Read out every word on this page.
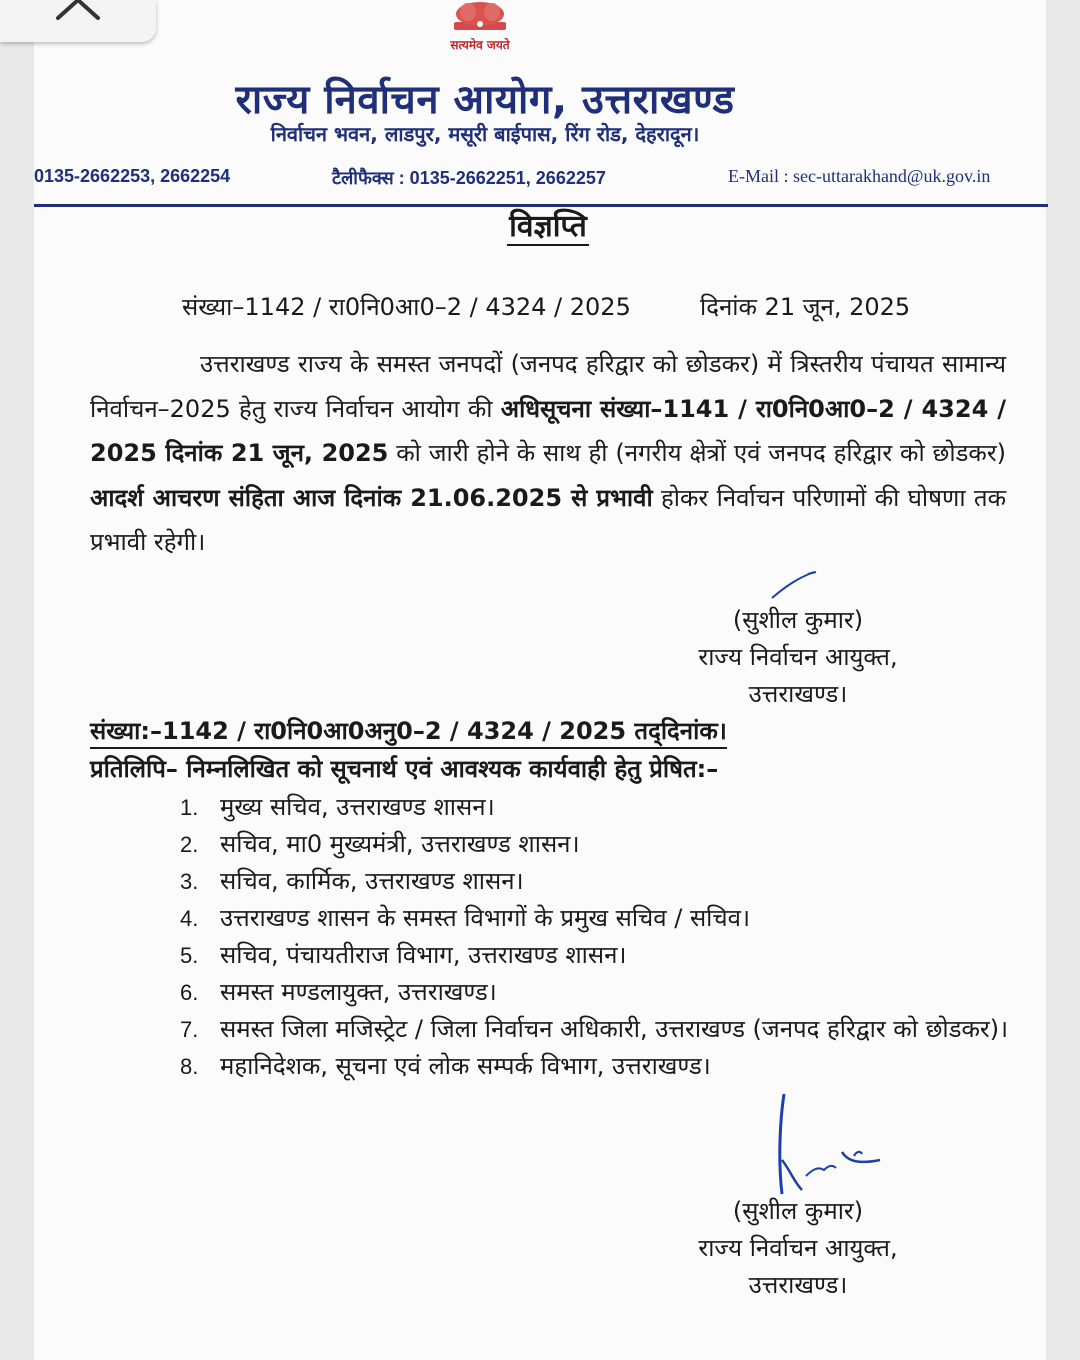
सत्यमेव जयते
राज्य निर्वाचन आयोग, उत्तराखण्ड
निर्वाचन भवन, लाडपुर, मसूरी बाईपास, रिंग रोड, देहरादून।
0135-2662253, 2662254	टैलीफैक्स : 0135-2662251, 2662257	E-Mail : sec-uttarakhand@uk.gov.in
विज्ञप्ति
संख्या–1142 / रा0नि0आ0–2 / 4324 / 2025	दिनांक 21 जून, 2025

उत्तराखण्ड राज्य के समस्त जनपदों (जनपद हरिद्वार को छोडकर) में त्रिस्तरीय पंचायत सामान्य निर्वाचन–2025 हेतु राज्य निर्वाचन आयोग की अधिसूचना संख्या–1141 / रा0नि0आ0–2 / 4324 / 2025 दिनांक 21 जून, 2025 को जारी होने के साथ ही (नगरीय क्षेत्रों एवं जनपद हरिद्वार को छोडकर) आदर्श आचरण संहिता आज दिनांक 21.06.2025 से प्रभावी होकर निर्वाचन परिणामों की घोषणा तक प्रभावी रहेगी।

(सुशील कुमार)
राज्य निर्वाचन आयुक्त,
उत्तराखण्ड।
संख्या:–1142 / रा0नि0आ0अनु0–2 / 4324 / 2025 तद्‌दिनांक।
प्रतिलिपि– निम्नलिखित को सूचनार्थ एवं आवश्यक कार्यवाही हेतु प्रेषित:–
1. मुख्य सचिव, उत्तराखण्ड शासन।
2. सचिव, मा0 मुख्यमंत्री, उत्तराखण्ड शासन।
3. सचिव, कार्मिक, उत्तराखण्ड शासन।
4. उत्तराखण्ड शासन के समस्त विभागों के प्रमुख सचिव / सचिव।
5. सचिव, पंचायतीराज विभाग, उत्तराखण्ड शासन।
6. समस्त मण्डलायुक्त, उत्तराखण्ड।
7. समस्त जिला मजिस्ट्रेट / जिला निर्वाचन अधिकारी, उत्तराखण्ड (जनपद हरिद्वार को छोडकर)।
8. महानिदेशक, सूचना एवं लोक सम्पर्क विभाग, उत्तराखण्ड।
(सुशील कुमार)
राज्य निर्वाचन आयुक्त,
उत्तराखण्ड।
